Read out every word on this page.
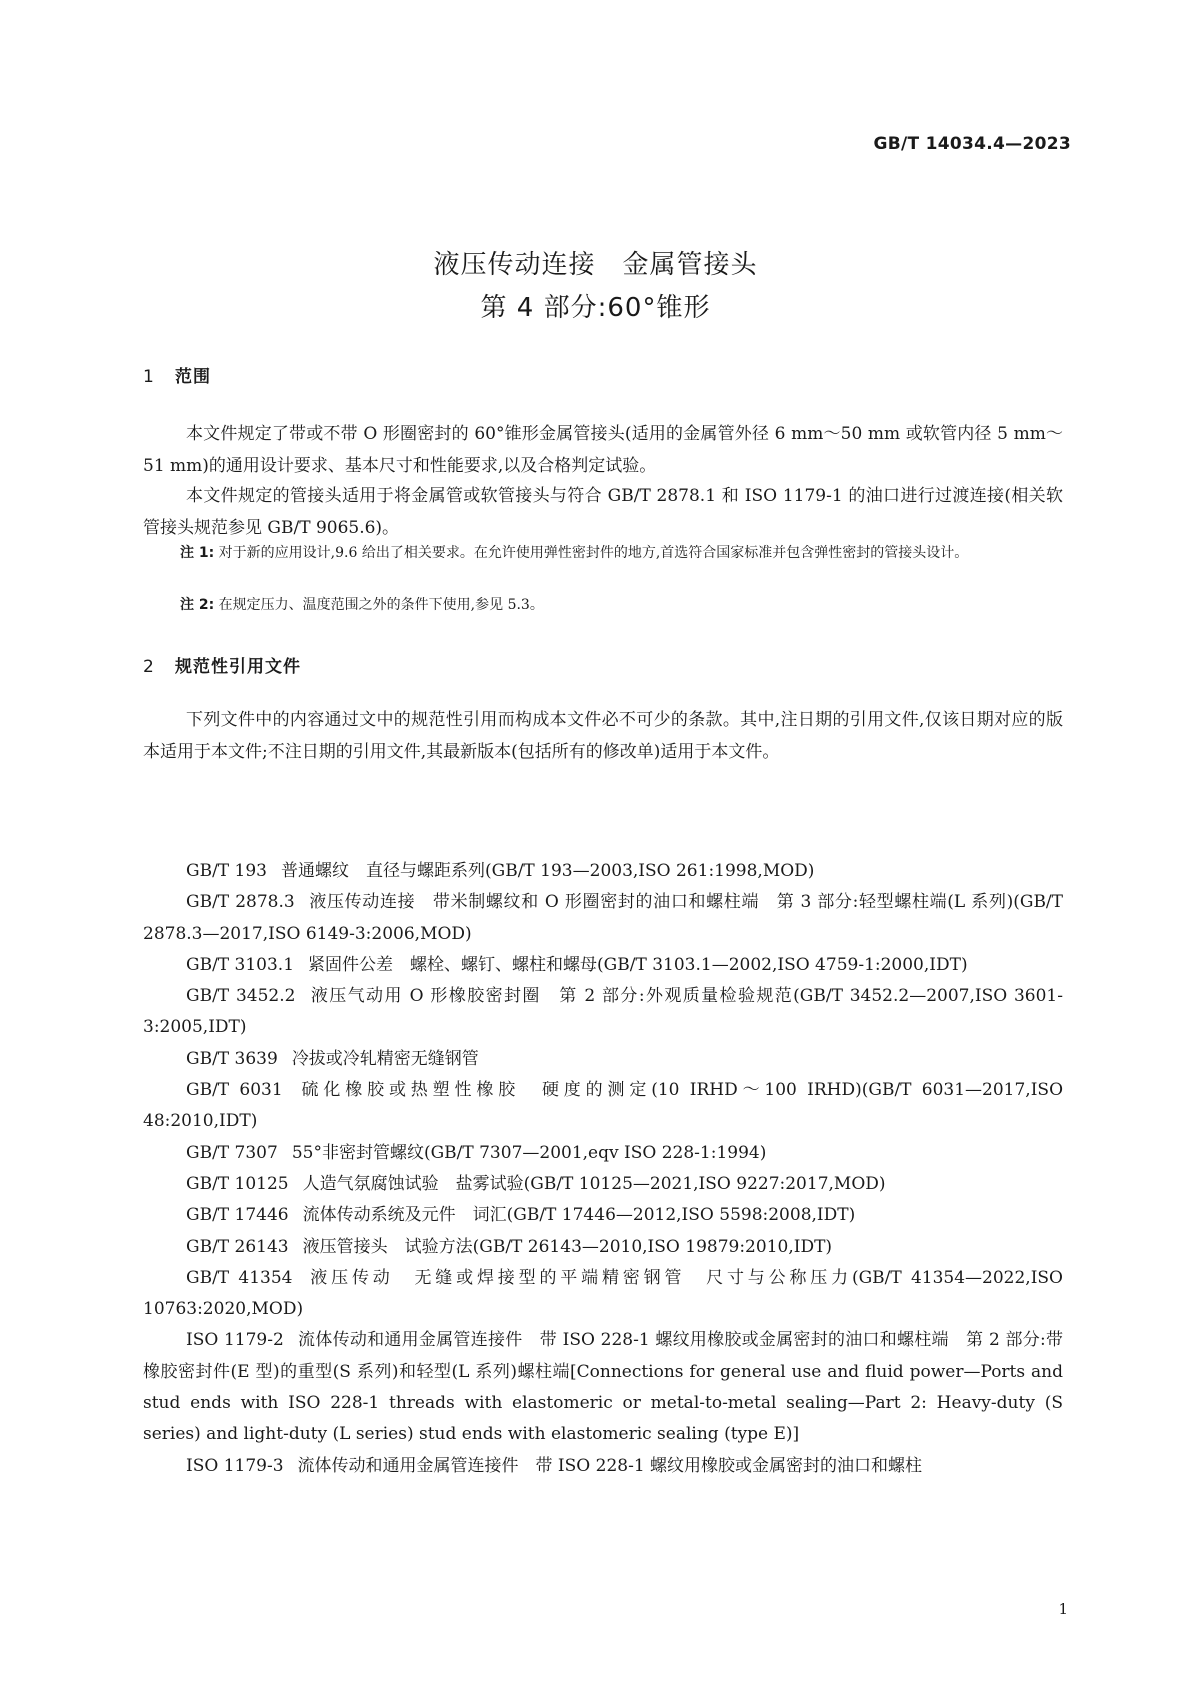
GB/T 14034.4—2023
液压传动连接　金属管接头
第 4 部分:60°锥形
1 范围

本文件规定了带或不带 O 形圈密封的 60°锥形金属管接头(适用的金属管外径 6 mm～50 mm 或软管内径 5 mm～51 mm)的通用设计要求、基本尺寸和性能要求,以及合格判定试验。

本文件规定的管接头适用于将金属管或软管接头与符合 GB/T 2878.1 和 ISO 1179-1 的油口进行过渡连接(相关软管接头规范参见 GB/T 9065.6)。

注 1: 对于新的应用设计,9.6 给出了相关要求。在允许使用弹性密封件的地方,首选符合国家标准并包含弹性密封的管接头设计。

注 2: 在规定压力、温度范围之外的条件下使用,参见 5.3。

2 规范性引用文件

下列文件中的内容通过文中的规范性引用而构成本文件必不可少的条款。其中,注日期的引用文件,仅该日期对应的版本适用于本文件;不注日期的引用文件,其最新版本(包括所有的修改单)适用于本文件。

GB/T 193 普通螺纹　直径与螺距系列(GB/T 193—2003,ISO 261:1998,MOD)

GB/T 2878.3 液压传动连接　带米制螺纹和 O 形圈密封的油口和螺柱端　第 3 部分:轻型螺柱端(L 系列)(GB/T 2878.3—2017,ISO 6149-3:2006,MOD)

GB/T 3103.1 紧固件公差　螺栓、螺钉、螺柱和螺母(GB/T 3103.1—2002,ISO 4759-1:2000,IDT)

GB/T 3452.2 液压气动用 O 形橡胶密封圈　第 2 部分:外观质量检验规范(GB/T 3452.2—2007,ISO 3601-3:2005,IDT)

GB/T 3639 冷拔或冷轧精密无缝钢管

GB/T 6031 硫化橡胶或热塑性橡胶　硬度的测定(10 IRHD～100 IRHD)(GB/T 6031—2017,ISO 48:2010,IDT)

GB/T 7307 55°非密封管螺纹(GB/T 7307—2001,eqv ISO 228-1:1994)

GB/T 10125 人造气氛腐蚀试验　盐雾试验(GB/T 10125—2021,ISO 9227:2017,MOD)

GB/T 17446 流体传动系统及元件　词汇(GB/T 17446—2012,ISO 5598:2008,IDT)

GB/T 26143 液压管接头　试验方法(GB/T 26143—2010,ISO 19879:2010,IDT)

GB/T 41354 液压传动　无缝或焊接型的平端精密钢管　尺寸与公称压力(GB/T 41354—2022,ISO 10763:2020,MOD)

ISO 1179-2 流体传动和通用金属管连接件　带 ISO 228-1 螺纹用橡胶或金属密封的油口和螺柱端　第 2 部分:带橡胶密封件(E 型)的重型(S 系列)和轻型(L 系列)螺柱端[Connections for general use and fluid power—Ports and stud ends with ISO 228-1 threads with elastomeric or metal-to-metal sealing—Part 2: Heavy-duty (S series) and light-duty (L series) stud ends with elastomeric sealing (type E)]

ISO 1179-3 流体传动和通用金属管连接件　带 ISO 228-1 螺纹用橡胶或金属密封的油口和螺柱

1
